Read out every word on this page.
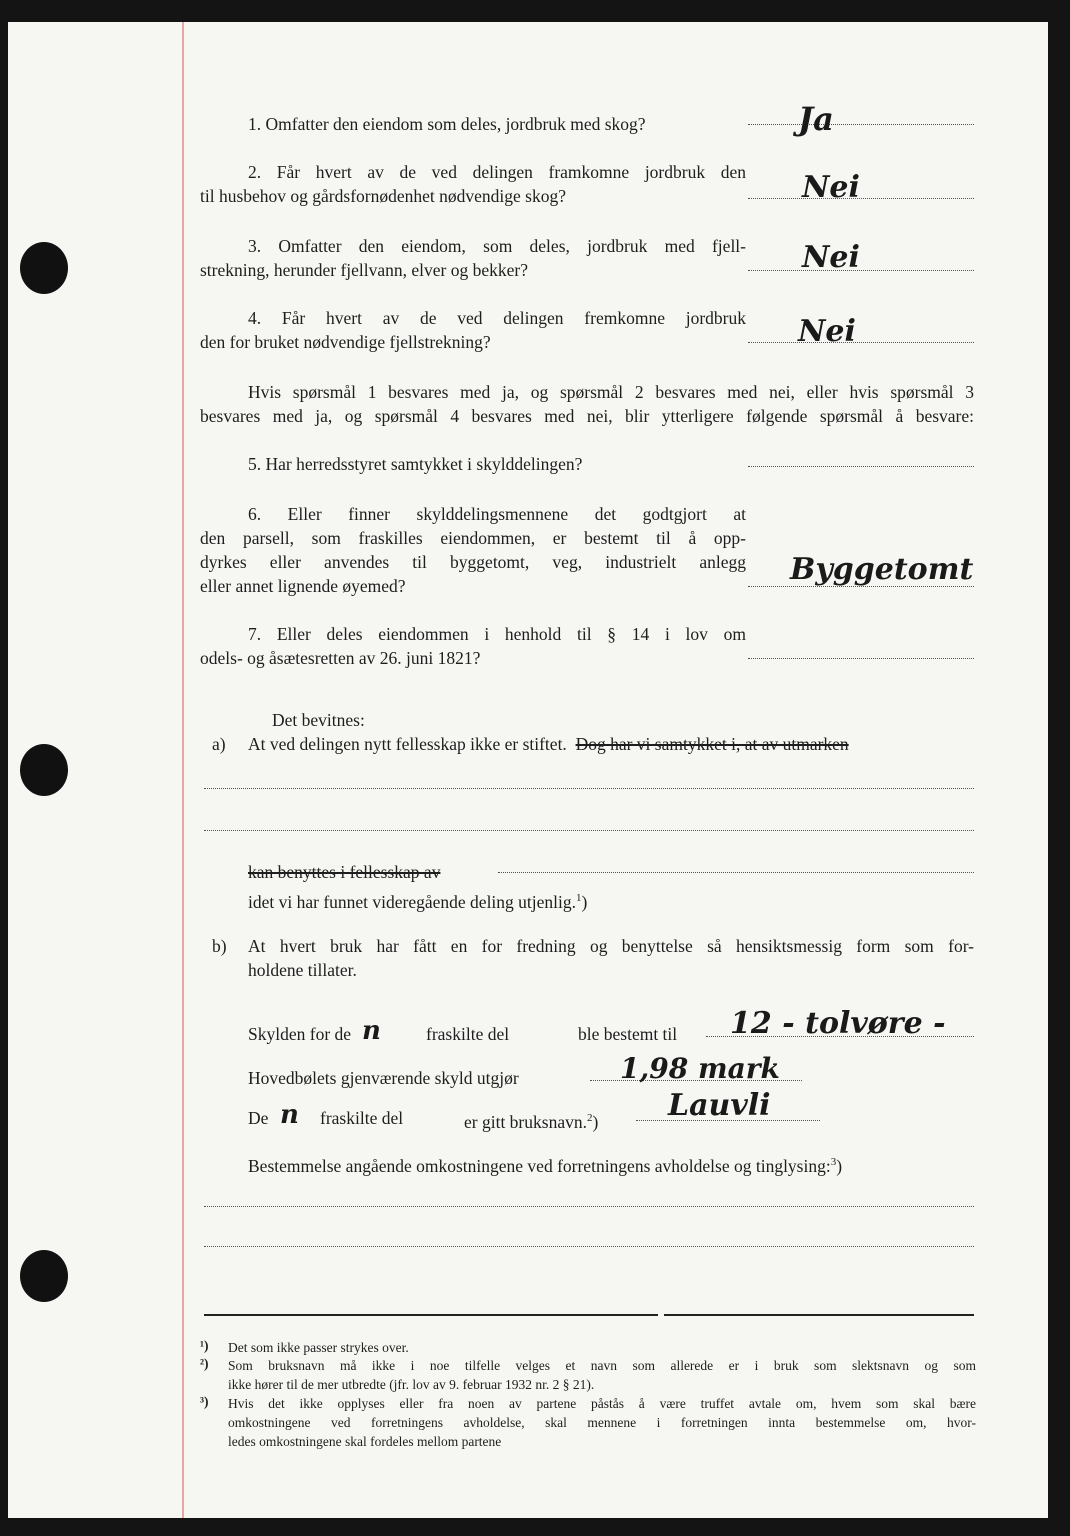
1. Omfatter den eiendom som deles, jordbruk med skog?	Ja
2. Får hvert av de ved delingen framkomne jordbruk den
til husbehov og gårdsfornødenhet nødvendige skog?	Nei
3. Omfatter den eiendom, som deles, jordbruk med fjell-
strekning, herunder fjellvann, elver og bekker?	Nei
4. Får hvert av de ved delingen fremkomne jordbruk
den for bruket nødvendige fjellstrekning?	Nei
Hvis spørsmål 1 besvares med ja, og spørsmål 2 besvares med nei, eller hvis spørsmål 3
besvares med ja, og spørsmål 4 besvares med nei, blir ytterligere følgende spørsmål å besvare:
5. Har herredsstyret samtykket i skylddelingen?
6. Eller finner skylddelingsmennene det godtgjort at
den parsell, som fraskilles eiendommen, er bestemt til å opp-
dyrkes eller anvendes til byggetomt, veg, industrielt anlegg
eller annet lignende øyemed?	Byggetomt
7. Eller deles eiendommen i henhold til § 14 i lov om
odels- og åsætesretten av 26. juni 1821?
Det bevitnes:
a) At ved delingen nytt fellesskap ikke er stiftet. Dog har vi samtykket i, at av utmarken
kan benyttes i fellesskap av
idet vi har funnet videregående deling utjenlig.$^1$)
b) At hvert bruk har fått en for fredning og benyttelse så hensiktsmessig form som for-
holdene tillater.
Skylden for de n	fraskilte del	ble bestemt til 12 - tolvøre -
Hovedbølets gjenværende skyld utgjør	1,98 mark
De n fraskilte del	er gitt bruksnavn.$^2$) Lauvli
Bestemmelse angående omkostningene ved forretningens avholdelse og tinglysing:$^3$)
¹) Det som ikke passer strykes over.
²) Som bruksnavn må ikke i noe tilfelle velges et navn som allerede er i bruk som slektsnavn og som
ikke hører til de mer utbredte (jfr. lov av 9. februar 1932 nr. 2 § 21).
³) Hvis det ikke opplyses eller fra noen av partene påstås å være truffet avtale om, hvem som skal bære
omkostningene ved forretningens avholdelse, skal mennene i forretningen innta bestemmelse om, hvor-
ledes omkostningene skal fordeles mellom partene
